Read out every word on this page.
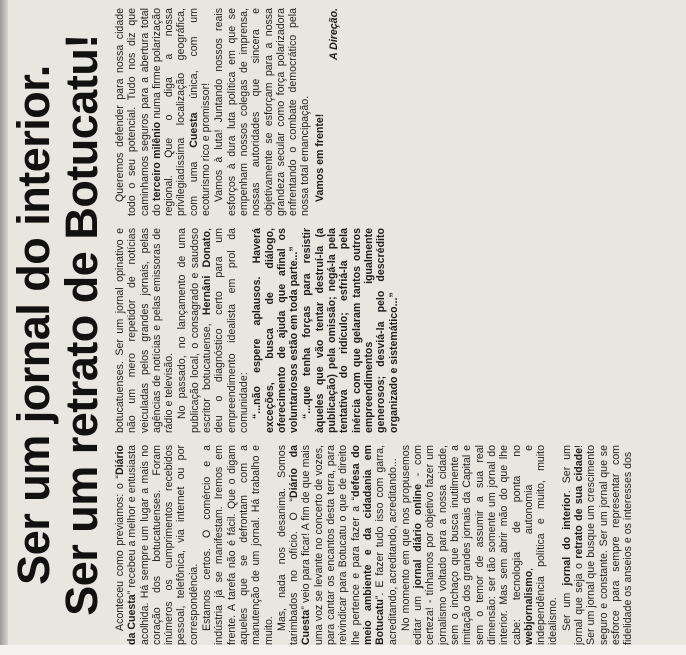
Ser um jornal do interior.
Ser um retrato de Botucatu! Aconteceu como previamos: o “Diário da Cuesta” recebeu a melhor e entusiasta acolhida. Há sempre um lugar a mais no coração dos botucatuenses. Foram inúmeros os cumprimentos recebidos pessoal, telefônica, via internet ou por correspondência. Estamos certos. O comércio e a indústria já se manifestam. Iremos em frente. A tarefa não é fácil. Que o digam aqueles que se defrontam com a manutenção de um jornal. Há trabalho e muito. Mas, nada nos desanima. Somos tarimbados no ofício. O “Diário da Cuesta” veio para ficar! A fim de que mais uma voz se levante no concerto de vozes, para cantar os encantos desta terra, para reivindicar para Botucatu o que de direito lhe pertence e para fazer a “defesa do meio ambiente e da cidadania em Botucatu”. E fazer tudo isso com garra, acreditando, acreditando, acreditando... No momento em que nos propusemos editar um jornal diário online - com certeza! - tínhamos por objetivo fazer um jornalismo voltado para a nossa cidade, sem o inchaço que busca inutilmente a imitação dos grandes jornais da Capital e sem o temor de assumir a sua real dimensão: ser tão somente um jornal do interior. Mas sem abrir mão do que lhe cabe: tecnologia de ponta no webjornalismo, autonomia e independência política e muito, muito idealismo. Ser um jornal do interior. Ser um jornal que seja o retrato de sua cidade! Ser um jornal que busque um crescimento seguro e constante. Ser um jornal que se esforce para sempre representar com fidelidade os anseios e os interesses dos

botucatuenses. Ser um jornal opinativo e não um mero repetidor de notícias veiculadas pelos grandes jornais, pelas agências de notícias e pelas emissoras de rádio e televisão. No passado, no lançamento de uma publicação local, o consagrado e saudoso escritor botucatuense, Hernâni Donato, deu o diagnóstico certo para um empreendimento idealista em prol da comunidade: “...não espere aplausos. Haverá exceções, busca de diálogo, oferecimento de ajuda que afinal os voluntariosos estão em toda parte...” “...que tenha forças para resistir àqueles que vão tentar destruí-la (a publicação) pela omissão; negá-la pela tentativa do ridículo; esfriá-la pela inércia com que gelaram tantos outros empreendimentos igualmente generosos; desviá-la pelo descrédito organizado e sistemático...”

Queremos defender para nossa cidade todo o seu potencial. Tudo nos diz que caminhamos seguros para a abertura total do terceiro milênio numa firme polarização regional. Que o diga a nossa privilegiadíssima localização geográfica, com uma Cuesta única, com um ecoturismo rico e promissor! Vamos à luta! Juntando nossos reais esforços à dura luta política em que se empenham nossos colegas de imprensa, nossas autoridades que sincera e objetivamente se esforçam para a nossa grandeza secular como força polarizadora enfrentando o combate democrático pela nossa total emancipação. Vamos em frente!

A Direção.
